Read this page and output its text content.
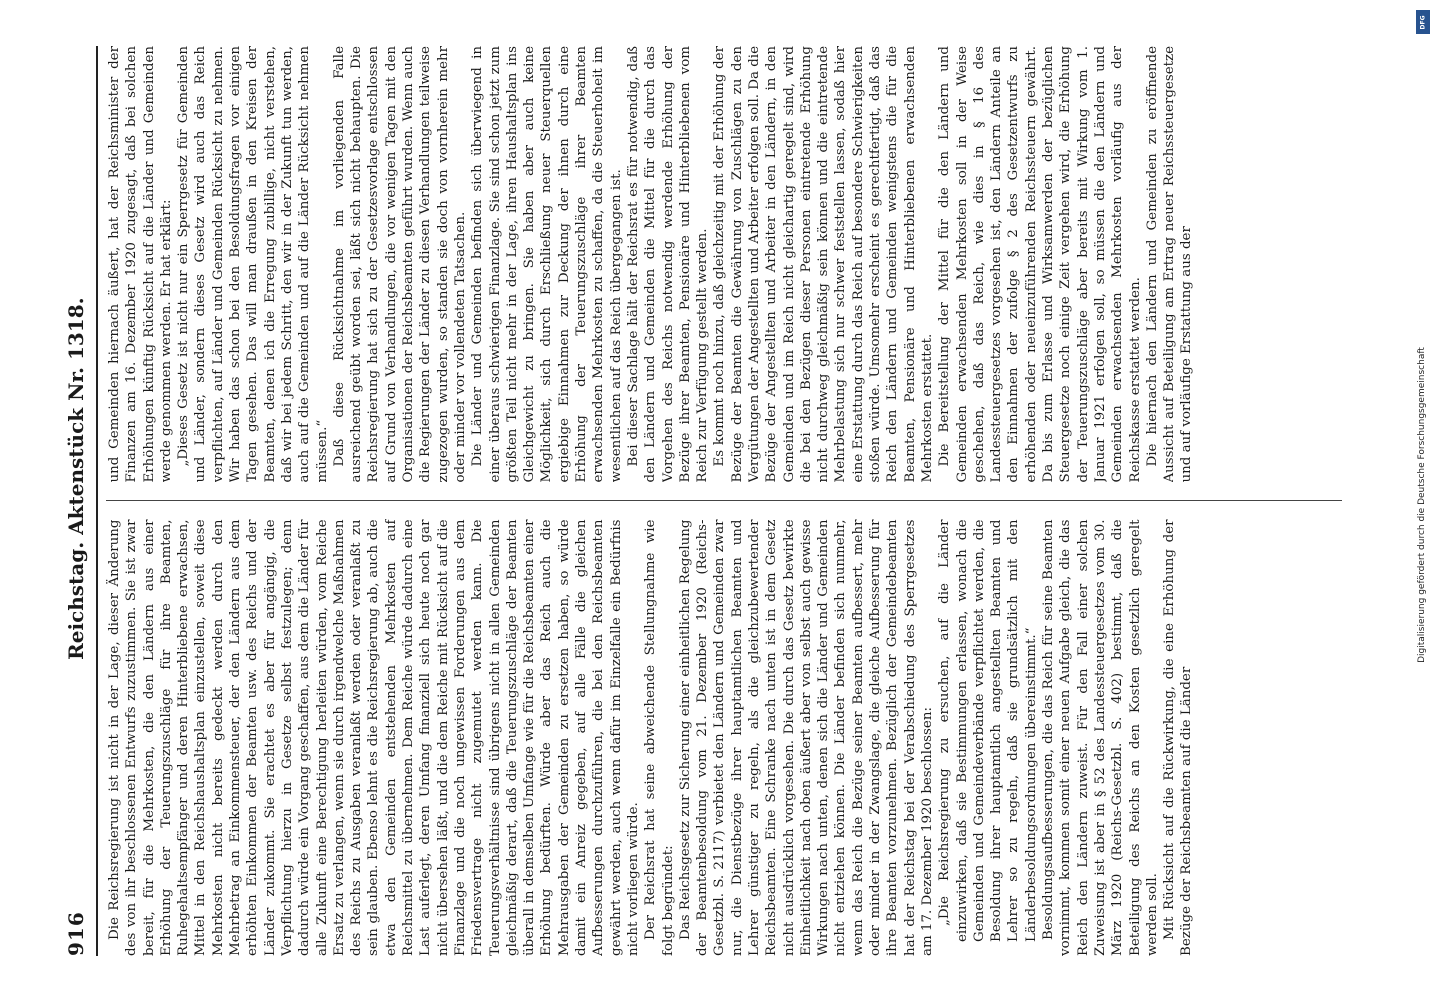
916
Reichstag. Aktenstück Nr. 1318.

Die Reichsregierung ist nicht in der Lage, dieser Änderung des von ihr beschlossenen Entwurfs zuzustimmen. Sie ist zwar bereit, für die Mehrkosten, die den Ländern aus einer Erhöhung der Teuerungszuschläge für ihre Beamten, Ruhegehaltsempfänger und deren Hinterbliebene erwachsen, Mittel in den Reichshaushaltsplan einzustellen, soweit diese Mehrkosten nicht bereits gedeckt werden durch den Mehrbetrag an Einkommensteuer, der den Ländern aus dem erhöhten Einkommen der Beamten usw. des Reichs und der Länder zukommt. Sie erachtet es aber für angängig, die Verpflichtung hierzu in Gesetze selbst festzulegen; denn dadurch würde ein Vorgang geschaffen, aus dem die Länder für alle Zukunft eine Berechtigung herleiten würden, vom Reiche Ersatz zu verlangen, wenn sie durch irgendwelche Maßnahmen des Reichs zu Ausgaben veranlaßt werden oder veranlaßt zu sein glauben. Ebenso lehnt es die Reichsregierung ab, auch die etwa den Gemeinden entstehenden Mehrkosten auf Reichsmittel zu übernehmen. Dem Reiche würde dadurch eine Last auferlegt, deren Umfang finanziell sich heute noch gar nicht übersehen läßt, und die dem Reiche mit Rücksicht auf die Finanzlage und die noch ungewissen Forderungen aus dem Friedensvertrage nicht zugemutet werden kann. Die Teuerungsverhältnisse sind übrigens nicht in allen Gemeinden gleichmäßig derart, daß die Teuerungszuschläge der Beamten überall in demselben Umfange wie für die Reichsbeamten einer Erhöhung bedürften. Würde aber das Reich auch die Mehrausgaben der Gemeinden zu ersetzen haben, so würde damit ein Anreiz gegeben, auf alle Fälle die gleichen Aufbesserungen durchzuführen, die bei den Reichsbeamten gewährt werden, auch wenn dafür im Einzelfalle ein Bedürfnis nicht vorliegen würde. Der Reichsrat hat seine abweichende Stellungnahme wie folgt begründet: Das Reichsgesetz zur Sicherung einer einheitlichen Regelung der Beamtenbesoldung vom 21. Dezember 1920 (Reichs-Gesetzbl. S. 2117) verbietet den Ländern und Gemeinden zwar nur, die Dienstbezüge ihrer hauptamtlichen Beamten und Lehrer günstiger zu regeln, als die gleichzubewertender Reichsbeamten. Eine Schranke nach unten ist in dem Gesetz nicht ausdrücklich vorgesehen. Die durch das Gesetz bewirkte Einheitlichkeit nach oben äußert aber von selbst auch gewisse Wirkungen nach unten, denen sich die Länder und Gemeinden nicht entziehen können. Die Länder befinden sich nunmehr, wenn das Reich die Bezüge seiner Beamten aufbessert, mehr oder minder in der Zwangslage, die gleiche Aufbesserung für ihre Beamten vorzunehmen. Bezüglich der Gemeindebeamten hat der Reichstag bei der Verabschiedung des Sperrgesetzes am 17. Dezember 1920 beschlossen: „Die Reichsregierung zu ersuchen, auf die Länder einzuwirken, daß sie Bestimmungen erlassen, wonach die Gemeinden und Gemeindeverbände verpflichtet werden, die Besoldung ihrer hauptamtlich angestellten Beamten und Lehrer so zu regeln, daß sie grundsätzlich mit den Länderbesoldungsordnungen übereinstimmt.“ Besoldungsaufbesserungen, die das Reich für seine Beamten vornimmt, kommen somit einer neuen Aufgabe gleich, die das Reich den Ländern zuweist. Für den Fall einer solchen Zuweisung ist aber in § 52 des Landessteuergesetzes vom 30. März 1920 (Reichs-Gesetzbl. S. 402) bestimmt, daß die Beteiligung des Reichs an den Kosten gesetzlich geregelt werden soll. Mit Rücksicht auf die Rückwirkung, die eine Erhöhung der Bezüge der Reichsbeamten auf die Länder

und Gemeinden hiernach äußert, hat der Reichsminister der Finanzen am 16. Dezember 1920 zugesagt, daß bei solchen Erhöhungen künftig Rücksicht auf die Länder und Gemeinden werde genommen werden. Er hat erklärt: „Dieses Gesetz ist nicht nur ein Sperrgesetz für Gemeinden und Länder, sondern dieses Gesetz wird auch das Reich verpflichten, auf Länder und Gemeinden Rücksicht zu nehmen. Wir haben das schon bei den Besoldungsfragen vor einigen Tagen gesehen. Das will man draußen in den Kreisen der Beamten, denen ich die Erregung zubillige, nicht verstehen, daß wir bei jedem Schritt, den wir in der Zukunft tun werden, auch auf die Gemeinden und auf die Länder Rücksicht nehmen müssen.“ Daß diese Rücksichtnahme im vorliegenden Falle ausreichend geübt worden sei, läßt sich nicht behaupten. Die Reichsregierung hat sich zu der Gesetzesvorlage entschlossen auf Grund von Verhandlungen, die vor wenigen Tagen mit den Organisationen der Reichsbeamten geführt wurden. Wenn auch die Regierungen der Länder zu diesen Verhandlungen teilweise zugezogen wurden, so standen sie doch von vornherein mehr oder minder vor vollendeten Tatsachen. Die Länder und Gemeinden befinden sich überwiegend in einer überaus schwierigen Finanzlage. Sie sind schon jetzt zum größten Teil nicht mehr in der Lage, ihren Haushaltsplan ins Gleichgewicht zu bringen. Sie haben aber auch keine Möglichkeit, sich durch Erschließung neuer Steuerquellen ergiebige Einnahmen zur Deckung der ihnen durch eine Erhöhung der Teuerungszuschläge ihrer Beamten erwachsenden Mehrkosten zu schaffen, da die Steuerhoheit im wesentlichen auf das Reich übergegangen ist. Bei dieser Sachlage hält der Reichsrat es für notwendig, daß den Ländern und Gemeinden die Mittel für die durch das Vorgehen des Reichs notwendig werdende Erhöhung der Bezüge ihrer Beamten, Pensionäre und Hinterbliebenen vom Reich zur Verfügung gestellt werden. Es kommt noch hinzu, daß gleichzeitig mit der Erhöhung der Bezüge der Beamten die Gewährung von Zuschlägen zu den Vergütungen der Angestellten und Arbeiter erfolgen soll. Da die Bezüge der Angestellten und Arbeiter in den Ländern, in den Gemeinden und im Reich nicht gleichartig geregelt sind, wird die bei den Bezügen dieser Personen eintretende Erhöhung nicht durchweg gleichmäßig sein können und die eintretende Mehrbelastung sich nur schwer feststellen lassen, sodaß hier eine Erstattung durch das Reich auf besondere Schwierigkeiten stoßen würde. Umsomehr erscheint es gerechtfertigt, daß das Reich den Ländern und Gemeinden wenigstens die für die Beamten, Pensionäre und Hinterbliebenen erwachsenden Mehrkosten erstattet. Die Bereitstellung der Mittel für die den Ländern und Gemeinden erwachsenden Mehrkosten soll in der Weise geschehen, daß das Reich, wie dies in § 16 des Landessteuergesetzes vorgesehen ist, den Ländern Anteile an den Einnahmen der zufolge § 2 des Gesetzentwurfs zu erhöhenden oder neueinzuführenden Reichssteuern gewährt. Da bis zum Erlasse und Wirksamwerden der bezüglichen Steuergesetze noch einige Zeit vergehen wird, die Erhöhung der Teuerungszuschläge aber bereits mit Wirkung vom 1. Januar 1921 erfolgen soll, so müssen die den Ländern und Gemeinden erwachsenden Mehrkosten vorläufig aus der Reichskasse erstattet werden. Die hiernach den Ländern und Gemeinden zu eröffnende Aussicht auf Beteiligung am Ertrag neuer Reichssteuergesetze und auf vorläufige Erstattung aus der

DFG
Digitalisierung gefördert durch die Deutsche Forschungsgemeinschaft
